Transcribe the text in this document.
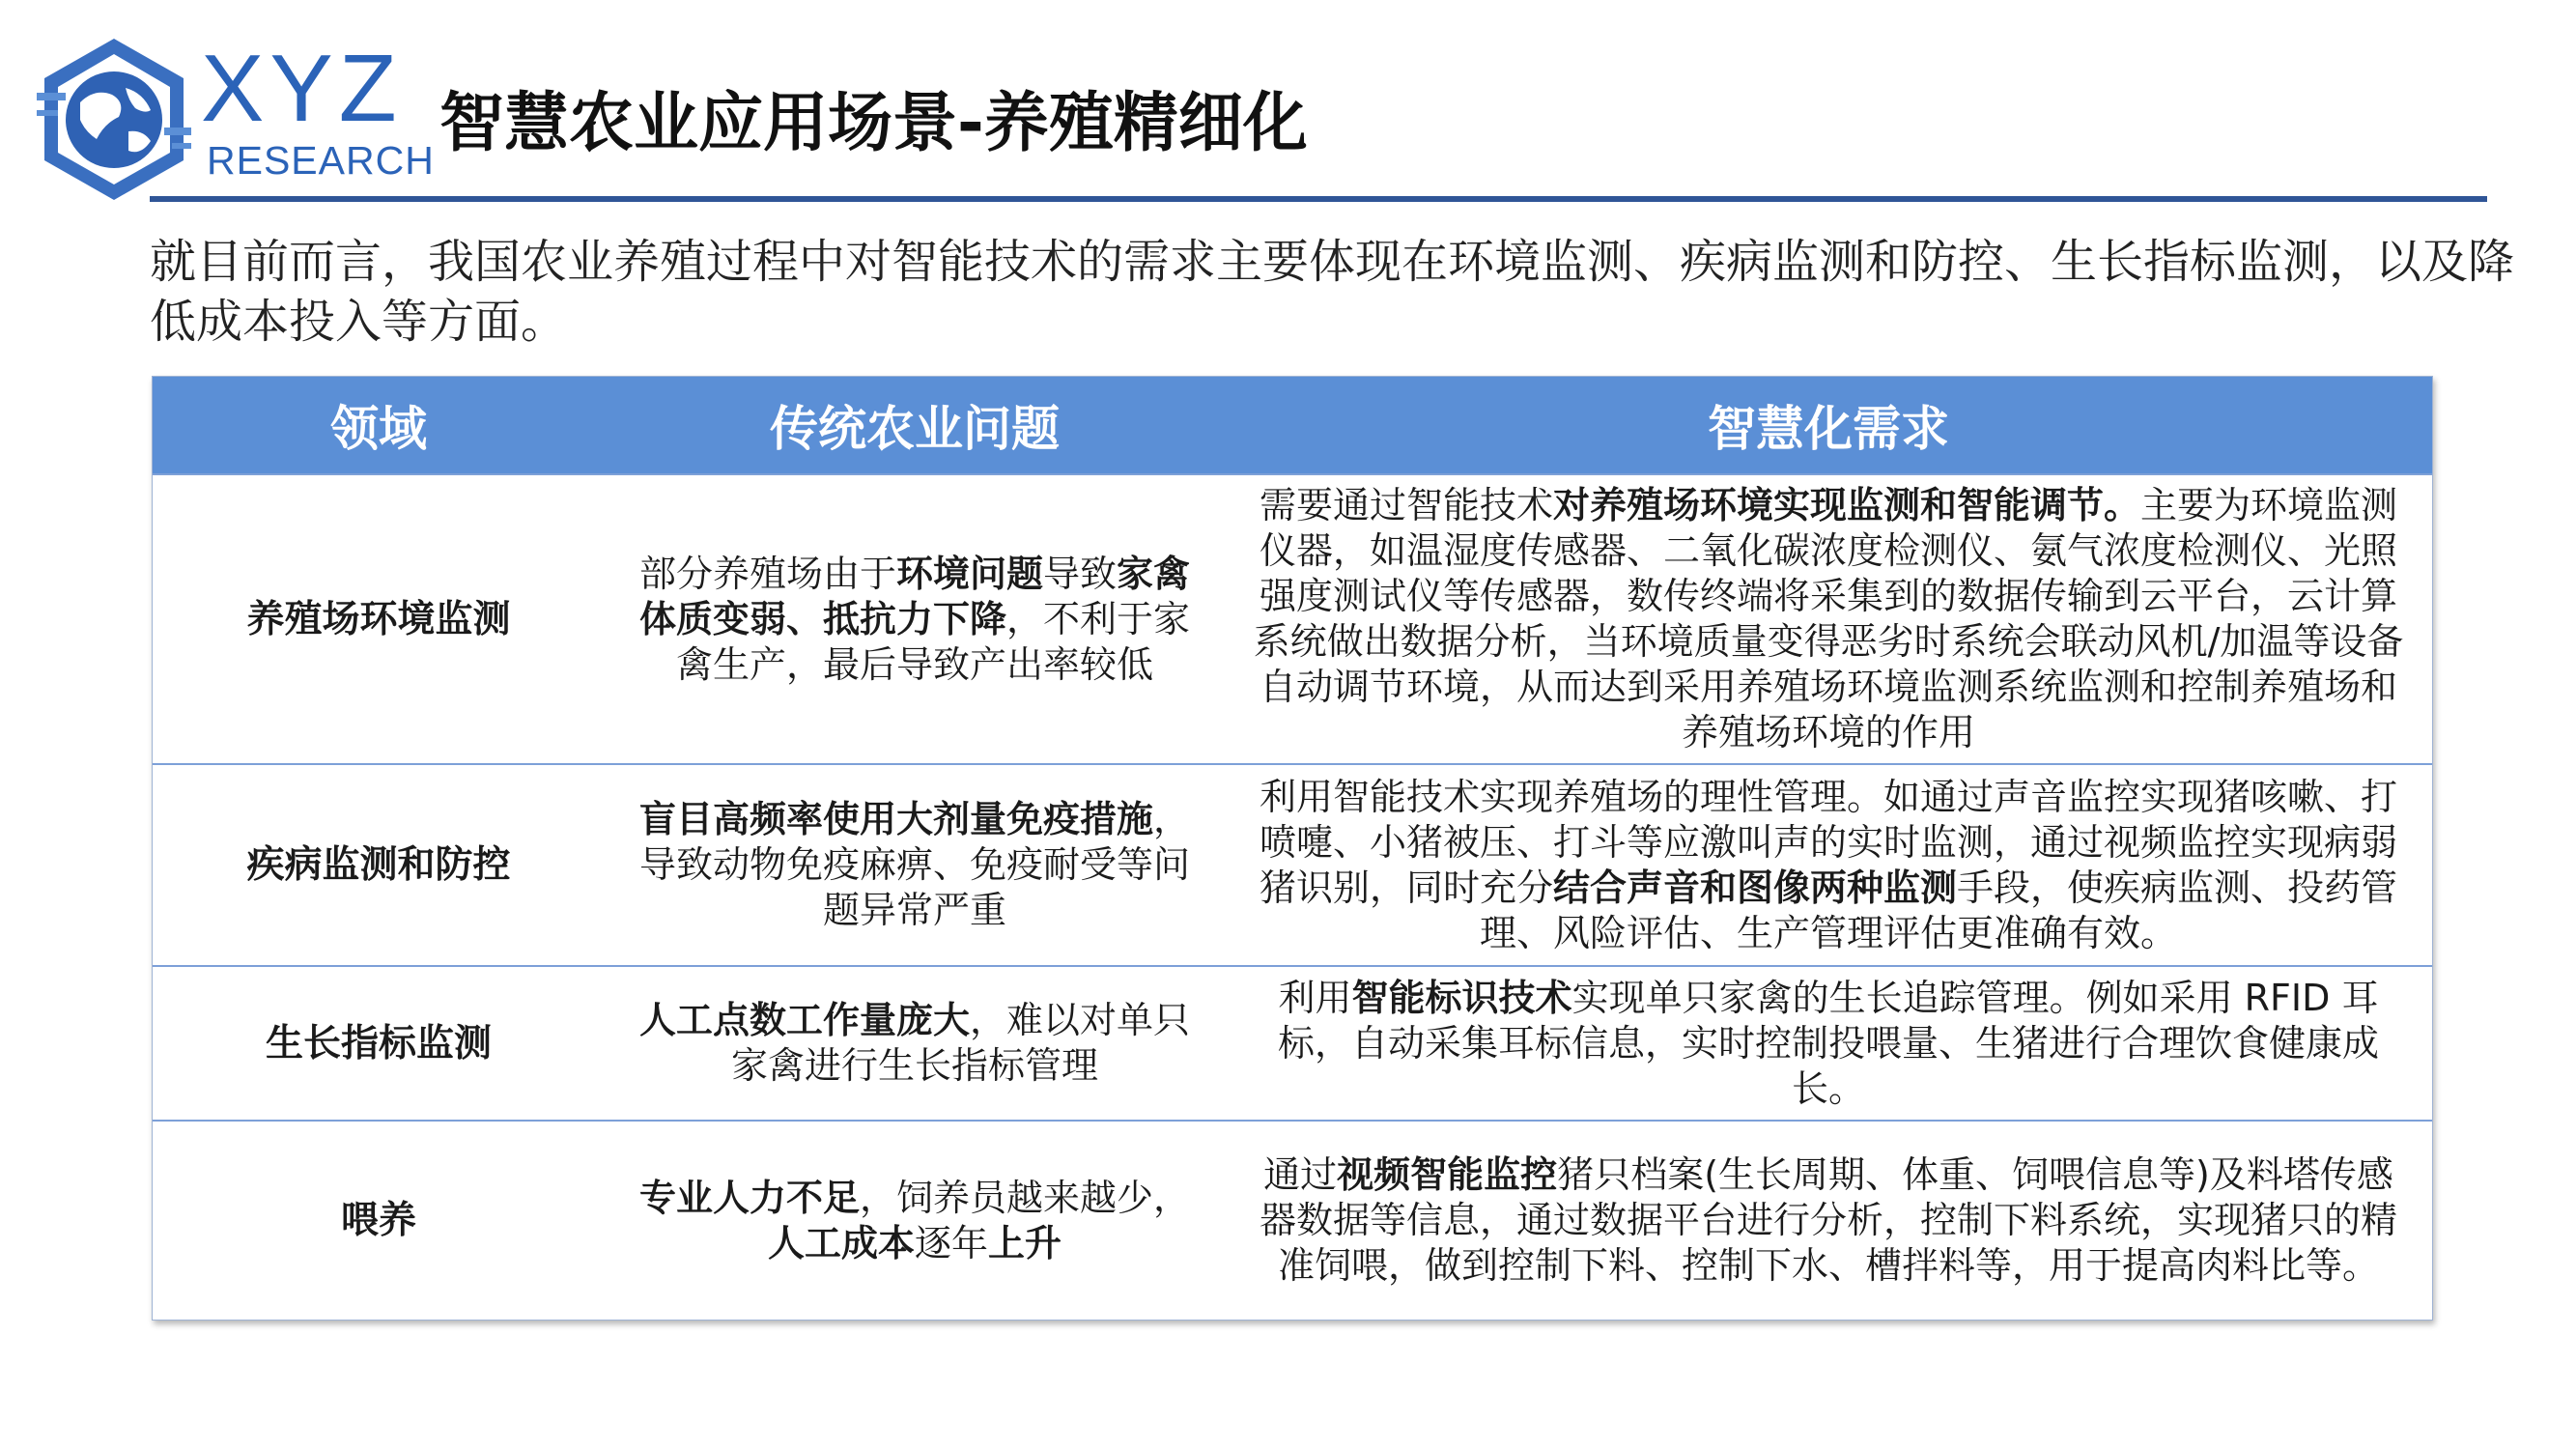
XYZ
RESEARCH 智慧农业应用场景-养殖精细化
就目前而言，我国农业养殖过程中对智能技术的需求主要体现在环境监测、疾病监测和防控、生长指标监测，以及降低成本投入等方面。
领域	传统农业问题	智慧化需求
养殖场环境监测	部分养殖场由于环境问题导致家禽体质变弱、抵抗力下降，不利于家禽生产，最后导致产出率较低	需要通过智能技术对养殖场环境实现监测和智能调节。主要为环境监测仪器，如温湿度传感器、二氧化碳浓度检测仪、氨气浓度检测仪、光照强度测试仪等传感器，数传终端将采集到的数据传输到云平台，云计算系统做出数据分析，当环境质量变得恶劣时系统会联动风机/加温等设备自动调节环境，从而达到采用养殖场环境监测系统监测和控制养殖场和养殖场环境的作用
疾病监测和防控	盲目高频率使用大剂量免疫措施，导致动物免疫麻痹、免疫耐受等问题异常严重	利用智能技术实现养殖场的理性管理。如通过声音监控实现猪咳嗽、打喷嚏、小猪被压、打斗等应激叫声的实时监测，通过视频监控实现病弱猪识别，同时充分结合声音和图像两种监测手段，使疾病监测、投药管理、风险评估、生产管理评估更准确有效。
生长指标监测	人工点数工作量庞大，难以对单只家禽进行生长指标管理	利用智能标识技术实现单只家禽的生长追踪管理。例如采用 RFID 耳标，自动采集耳标信息，实时控制投喂量、生猪进行合理饮食健康成长。
喂养	专业人力不足，饲养员越来越少，人工成本逐年上升	通过视频智能监控猪只档案(生长周期、体重、饲喂信息等)及料塔传感器数据等信息，通过数据平台进行分析，控制下料系统，实现猪只的精准饲喂，做到控制下料、控制下水、槽拌料等，用于提高肉料比等。
